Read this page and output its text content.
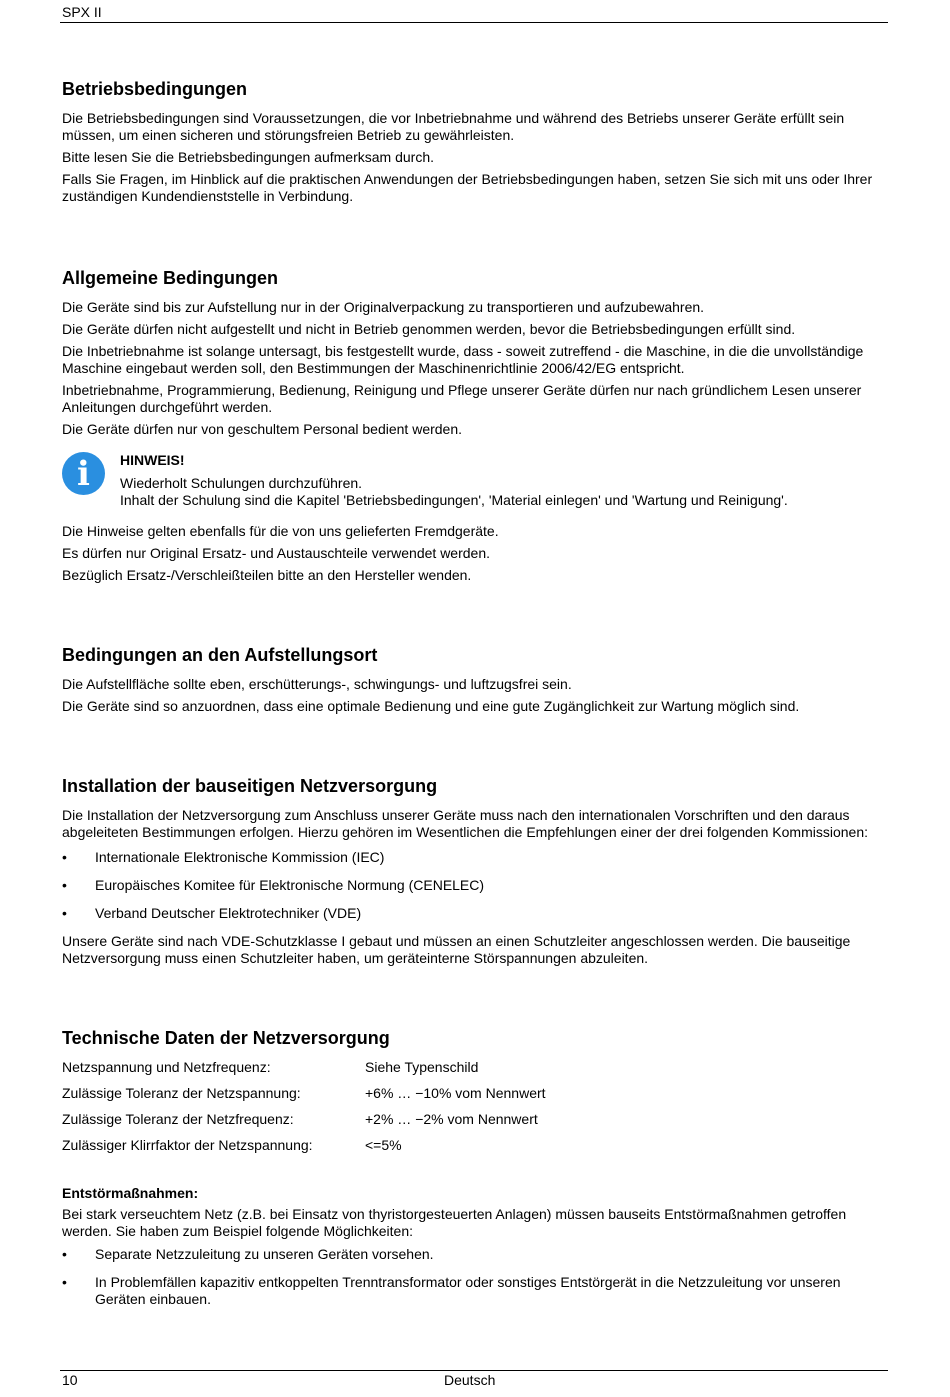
SPX II
Betriebsbedingungen

Die Betriebsbedingungen sind Voraussetzungen, die vor Inbetriebnahme und während des Betriebs unserer Geräte erfüllt sein müssen, um einen sicheren und störungsfreien Betrieb zu gewährleisten.

Bitte lesen Sie die Betriebsbedingungen aufmerksam durch.

Falls Sie Fragen, im Hinblick auf die praktischen Anwendungen der Betriebsbedingungen haben, setzen Sie sich mit uns oder Ihrer zuständigen Kundendienststelle in Verbindung.

Allgemeine Bedingungen

Die Geräte sind bis zur Aufstellung nur in der Originalverpackung zu transportieren und aufzubewahren.

Die Geräte dürfen nicht aufgestellt und nicht in Betrieb genommen werden, bevor die Betriebsbedingungen erfüllt sind.

Die Inbetriebnahme ist solange untersagt, bis festgestellt wurde, dass - soweit zutreffend - die Maschine, in die die unvollständige Maschine eingebaut werden soll, den Bestimmungen der Maschinenrichtlinie 2006/42/EG entspricht.

Inbetriebnahme, Programmierung, Bedienung, Reinigung und Pflege unserer Geräte dürfen nur nach gründlichem Lesen unserer Anleitungen durchgeführt werden.

Die Geräte dürfen nur von geschultem Personal bedient werden.

i	HINWEIS!

Wiederholt Schulungen durchzuführen.

Inhalt der Schulung sind die Kapitel 'Betriebsbedingungen', 'Material einlegen' und 'Wartung und Reinigung'.

Die Hinweise gelten ebenfalls für die von uns gelieferten Fremdgeräte.

Es dürfen nur Original Ersatz- und Austauschteile verwendet werden.

Bezüglich Ersatz-/Verschleißteilen bitte an den Hersteller wenden.

Bedingungen an den Aufstellungsort

Die Aufstellfläche sollte eben, erschütterungs-, schwingungs- und luftzugsfrei sein.

Die Geräte sind so anzuordnen, dass eine optimale Bedienung und eine gute Zugänglichkeit zur Wartung möglich sind.

Installation der bauseitigen Netzversorgung

Die Installation der Netzversorgung zum Anschluss unserer Geräte muss nach den internationalen Vorschriften und den daraus abgeleiteten Bestimmungen erfolgen. Hierzu gehören im Wesentlichen die Empfehlungen einer der drei folgenden Kommissionen:

• Internationale Elektronische Kommission (IEC)
• Europäisches Komitee für Elektronische Normung (CENELEC)
• Verband Deutscher Elektrotechniker (VDE)

Unsere Geräte sind nach VDE-Schutzklasse I gebaut und müssen an einen Schutzleiter angeschlossen werden. Die bauseitige Netzversorgung muss einen Schutzleiter haben, um geräteinterne Störspannungen abzuleiten.

Technische Daten der Netzversorgung
Netzspannung und Netzfrequenz:	Siehe Typenschild
Zulässige Toleranz der Netzspannung:	+6% … −10% vom Nennwert
Zulässige Toleranz der Netzfrequenz:	+2% … −2% vom Nennwert
Zulässiger Klirrfaktor der Netzspannung:	<=5%
Entstörmaßnahmen:

Bei stark verseuchtem Netz (z.B. bei Einsatz von thyristorgesteuerten Anlagen) müssen bauseits Entstörmaßnahmen getroffen werden. Sie haben zum Beispiel folgende Möglichkeiten:

• Separate Netzzuleitung zu unseren Geräten vorsehen.
• In Problemfällen kapazitiv entkoppelten Trenntransformator oder sonstiges Entstörgerät in die Netzzuleitung vor unseren Geräten einbauen.
10	Deutsch
